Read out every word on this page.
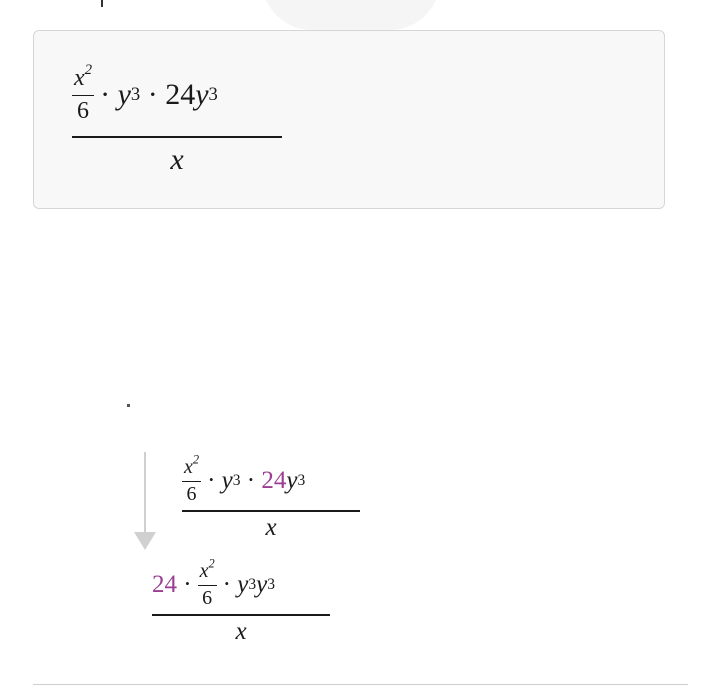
$\frac{x^2}{6}$ ·
y 3
·
24 y 3
x
$\frac{x^2}{6}$ ·
y 3
·
24 y 3
x
24
· $\frac{x^2}{6}$ ·
y 3 y 3
x
